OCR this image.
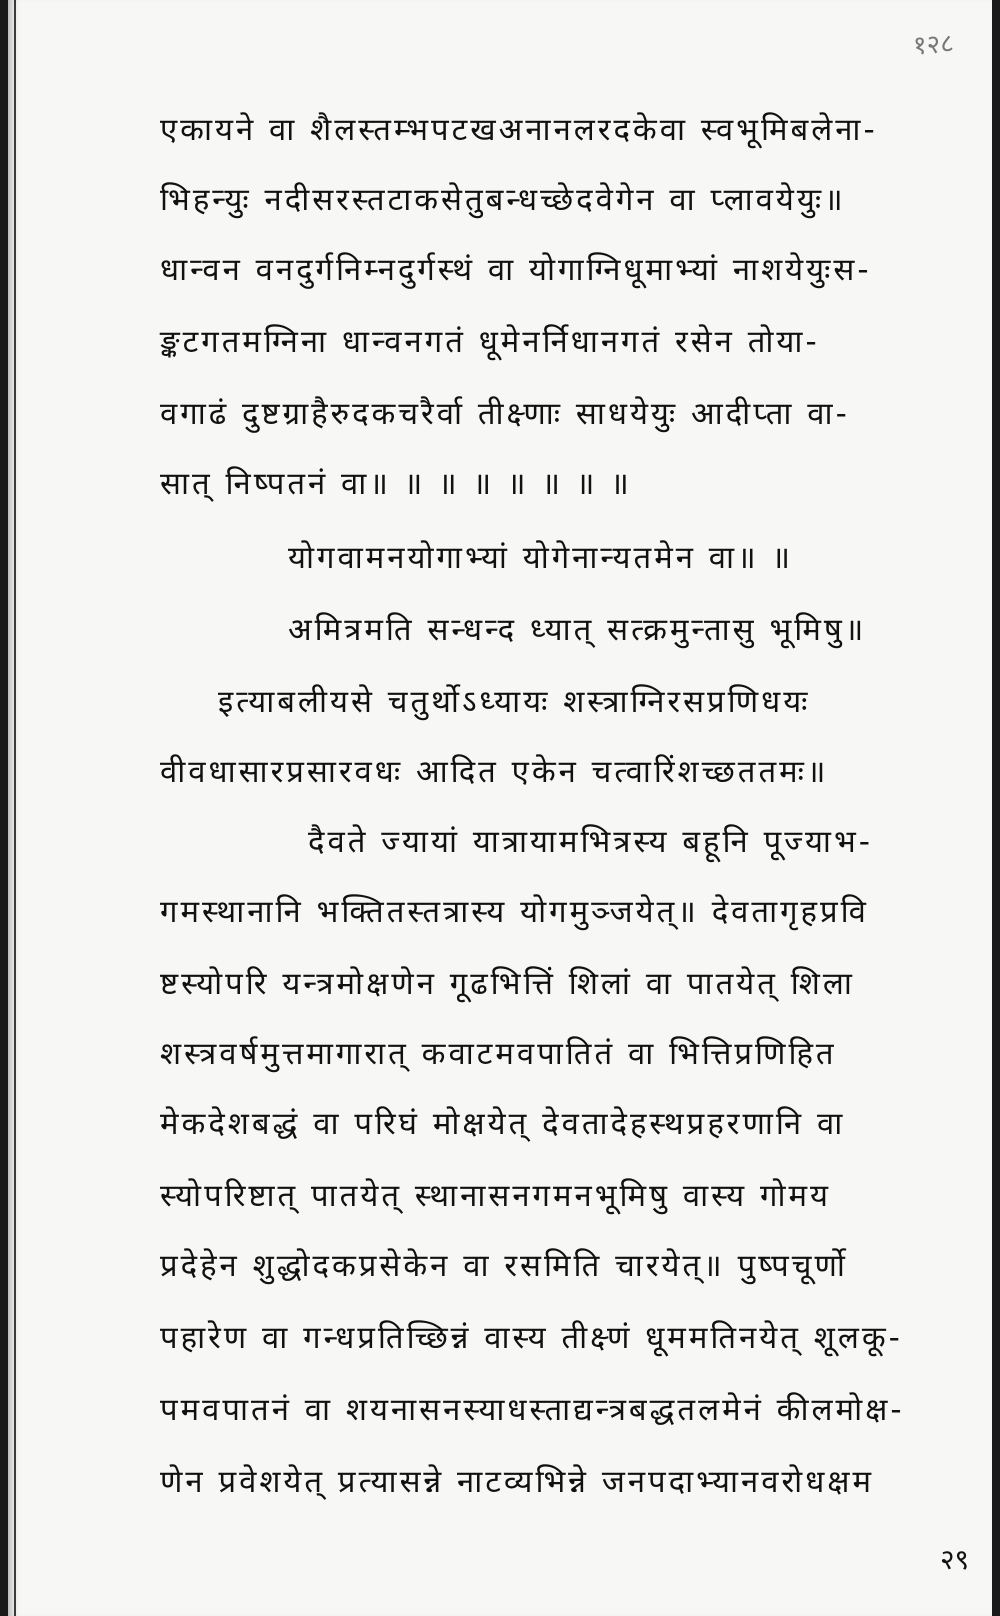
१२८
एकायने वा शैलस्तम्भपटखअनानलरदकेवा स्वभूमिबलेना-
भिहन्युः नदीसरस्तटाकसेतुबन्धच्छेदवेगेन वा प्लावयेयुः॥
धान्वन वनदुर्गनिम्नदुर्गस्थं वा योगाग्निधूमाभ्यां नाशयेयुःस-
ङ्कटगतमग्निना धान्वनगतं धूमेनर्निधानगतं रसेन तोया-
वगाढं दुष्टग्राहैरुदकचरैर्वा तीक्ष्णाः साधयेयुः आदीप्ता वा-
सात् निष्पतनं वा॥ ॥ ॥ ॥ ॥ ॥ ॥ ॥
योगवामनयोगाभ्यां योगेनान्यतमेन वा॥ ॥
अमित्रमति सन्धन्द ध्यात् सत्क्रमुन्तासु भूमिषु॥
इत्याबलीयसे चतुर्थोऽध्यायः शस्त्राग्निरसप्रणिधयः
वीवधासारप्रसारवधः आदित एकेन चत्वारिंशच्छततमः॥
दैवते ज्यायां यात्रायामभित्रस्य बहूनि पूज्याभ-
गमस्थानानि भक्तितस्तत्रास्य योगमुञ्जयेत्॥ देवतागृहप्रवि
ष्टस्योपरि यन्त्रमोक्षणेन गूढभित्तिं शिलां वा पातयेत् शिला
शस्त्रवर्षमुत्तमागारात् कवाटमवपातितं वा भित्तिप्रणिहित
मेकदेशबद्धं वा परिघं मोक्षयेत् देवतादेहस्थप्रहरणानि वा
स्योपरिष्टात् पातयेत् स्थानासनगमनभूमिषु वास्य गोमय
प्रदेहेन शुद्धोदकप्रसेकेन वा रसमिति चारयेत्॥ पुष्पचूर्णो
पहारेण वा गन्धप्रतिच्छिन्नं वास्य तीक्ष्णं धूममतिनयेत् शूलकू-
पमवपातनं वा शयनासनस्याधस्ताद्यन्त्रबद्धतलमेनं कीलमोक्ष-
णेन प्रवेशयेत् प्रत्यासन्ने नाटव्यभिन्ने जनपदाभ्यानवरोधक्षम
२९
